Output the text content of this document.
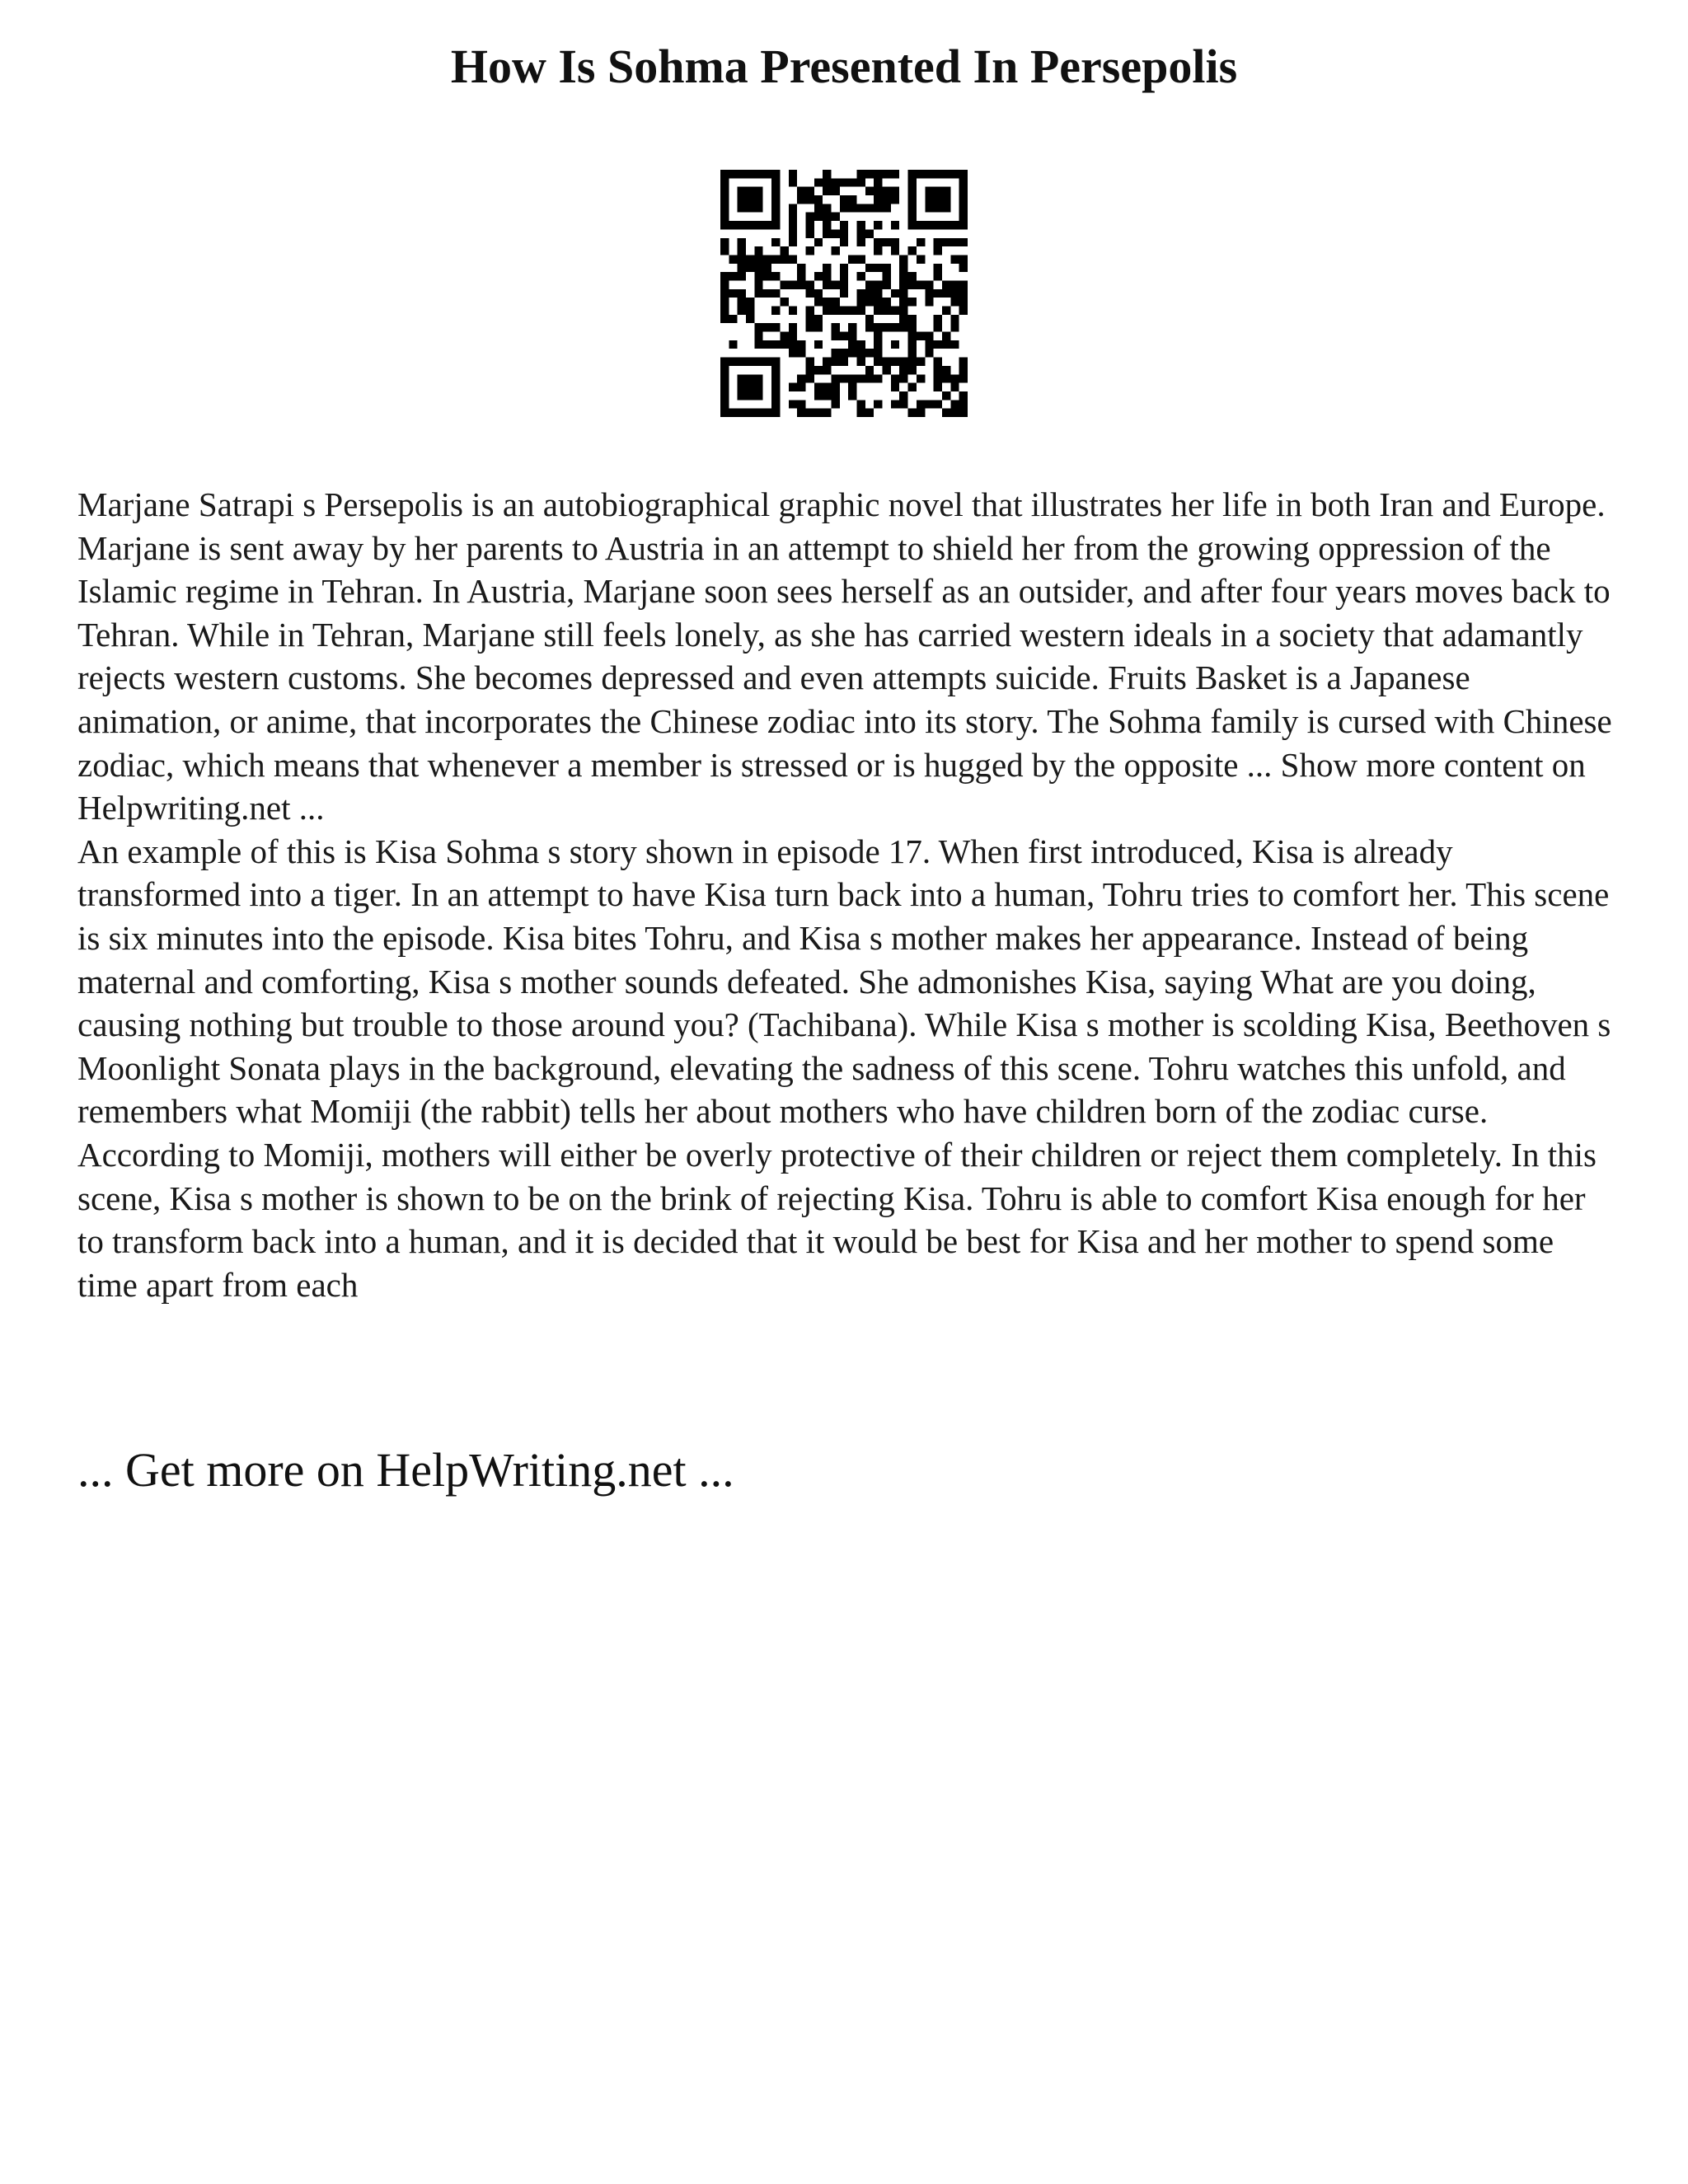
How Is Sohma Presented In Persepolis

Marjane Satrapi s Persepolis is an autobiographical graphic novel that illustrates her life in both Iran and Europe. Marjane is sent away by her parents to Austria in an attempt to shield her from the growing oppression of the Islamic regime in Tehran. In Austria, Marjane soon sees herself as an outsider, and after four years moves back to Tehran. While in Tehran, Marjane still feels lonely, as she has carried western ideals in a society that adamantly rejects western customs. She becomes depressed and even attempts suicide. Fruits Basket is a Japanese animation, or anime, that incorporates the Chinese zodiac into its story. The Sohma family is cursed with Chinese zodiac, which means that whenever a member is stressed or is hugged by the opposite ... Show more content on Helpwriting.net ...

An example of this is Kisa Sohma s story shown in episode 17. When first introduced, Kisa is already transformed into a tiger. In an attempt to have Kisa turn back into a human, Tohru tries to comfort her. This scene is six minutes into the episode. Kisa bites Tohru, and Kisa s mother makes her appearance. Instead of being maternal and comforting, Kisa s mother sounds defeated. She admonishes Kisa, saying What are you doing, causing nothing but trouble to those around you? (Tachibana). While Kisa s mother is scolding Kisa, Beethoven s Moonlight Sonata plays in the background, elevating the sadness of this scene. Tohru watches this unfold, and remembers what Momiji (the rabbit) tells her about mothers who have children born of the zodiac curse. According to Momiji, mothers will either be overly protective of their children or reject them completely. In this scene, Kisa s mother is shown to be on the brink of rejecting Kisa. Tohru is able to comfort Kisa enough for her to transform back into a human, and it is decided that it would be best for Kisa and her mother to spend some time apart from each

... Get more on HelpWriting.net ...
